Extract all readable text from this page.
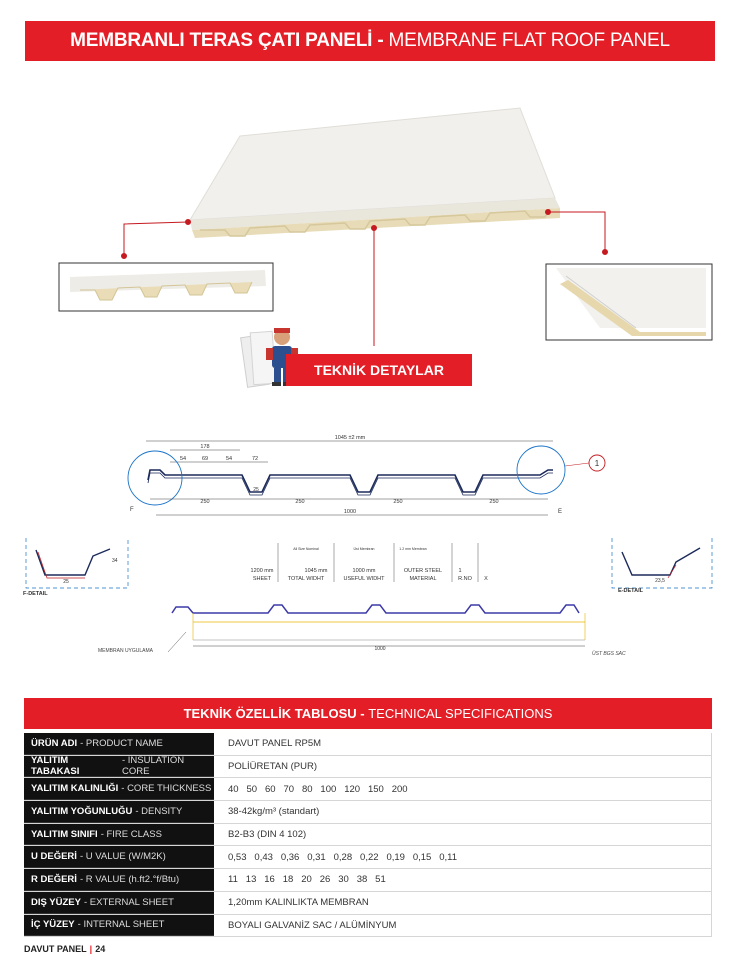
MEMBRANLI TERAS ÇATI PANELİ - MEMBRANE FLAT ROOF PANEL
TEKNİK DETAYLAR
1045 ±2 mm
178
54	69	54	72
25
1
F	E
250	250	250	250
1000
25
34
F-DETAIL
23,5
E-DETAIL
All Size Nominal	Üst Membran	1.2 mm Membran
1200 mm
SHEET
1045 mm
TOTAL WIDHT
1000 mm
USEFUL WIDHT
OUTER STEEL
MATERIAL
1
R.NO X
1000
MEMBRAN UYGULAMA	ÜST BGS SAC
TEKNİK ÖZELLİK TABLOSU - TECHNICAL SPECIFICATIONS
ÜRÜN ADI - PRODUCT NAME	DAVUT PANEL RP5M
YALITIM TABAKASI
- INSULATION CORE	POLİÜRETAN (PUR)
YALITIM KALINLIĞI - CORE THICKNESS	40   50   60   70   80   100   120   150   200
YALITIM YOĞUNLUĞU - DENSITY	38-42kg/m³ (standart)
YALITIM SINIFI - FIRE CLASS	B2-B3 (DIN 4 102)
U DEĞERİ - U VALUE (W/M2K)	0,53   0,43   0,36   0,31   0,28   0,22   0,19   0,15   0,11
R DEĞERİ - R VALUE (h.ft2.°f/Btu)	11   13   16   18   20   26   30   38   51
DIŞ YÜZEY - EXTERNAL SHEET	1,20mm KALINLIKTA MEMBRAN
İÇ YÜZEY - INTERNAL SHEET	BOYALI GALVANİZ SAC / ALÜMİNYUM
DAVUT PANEL | 24
